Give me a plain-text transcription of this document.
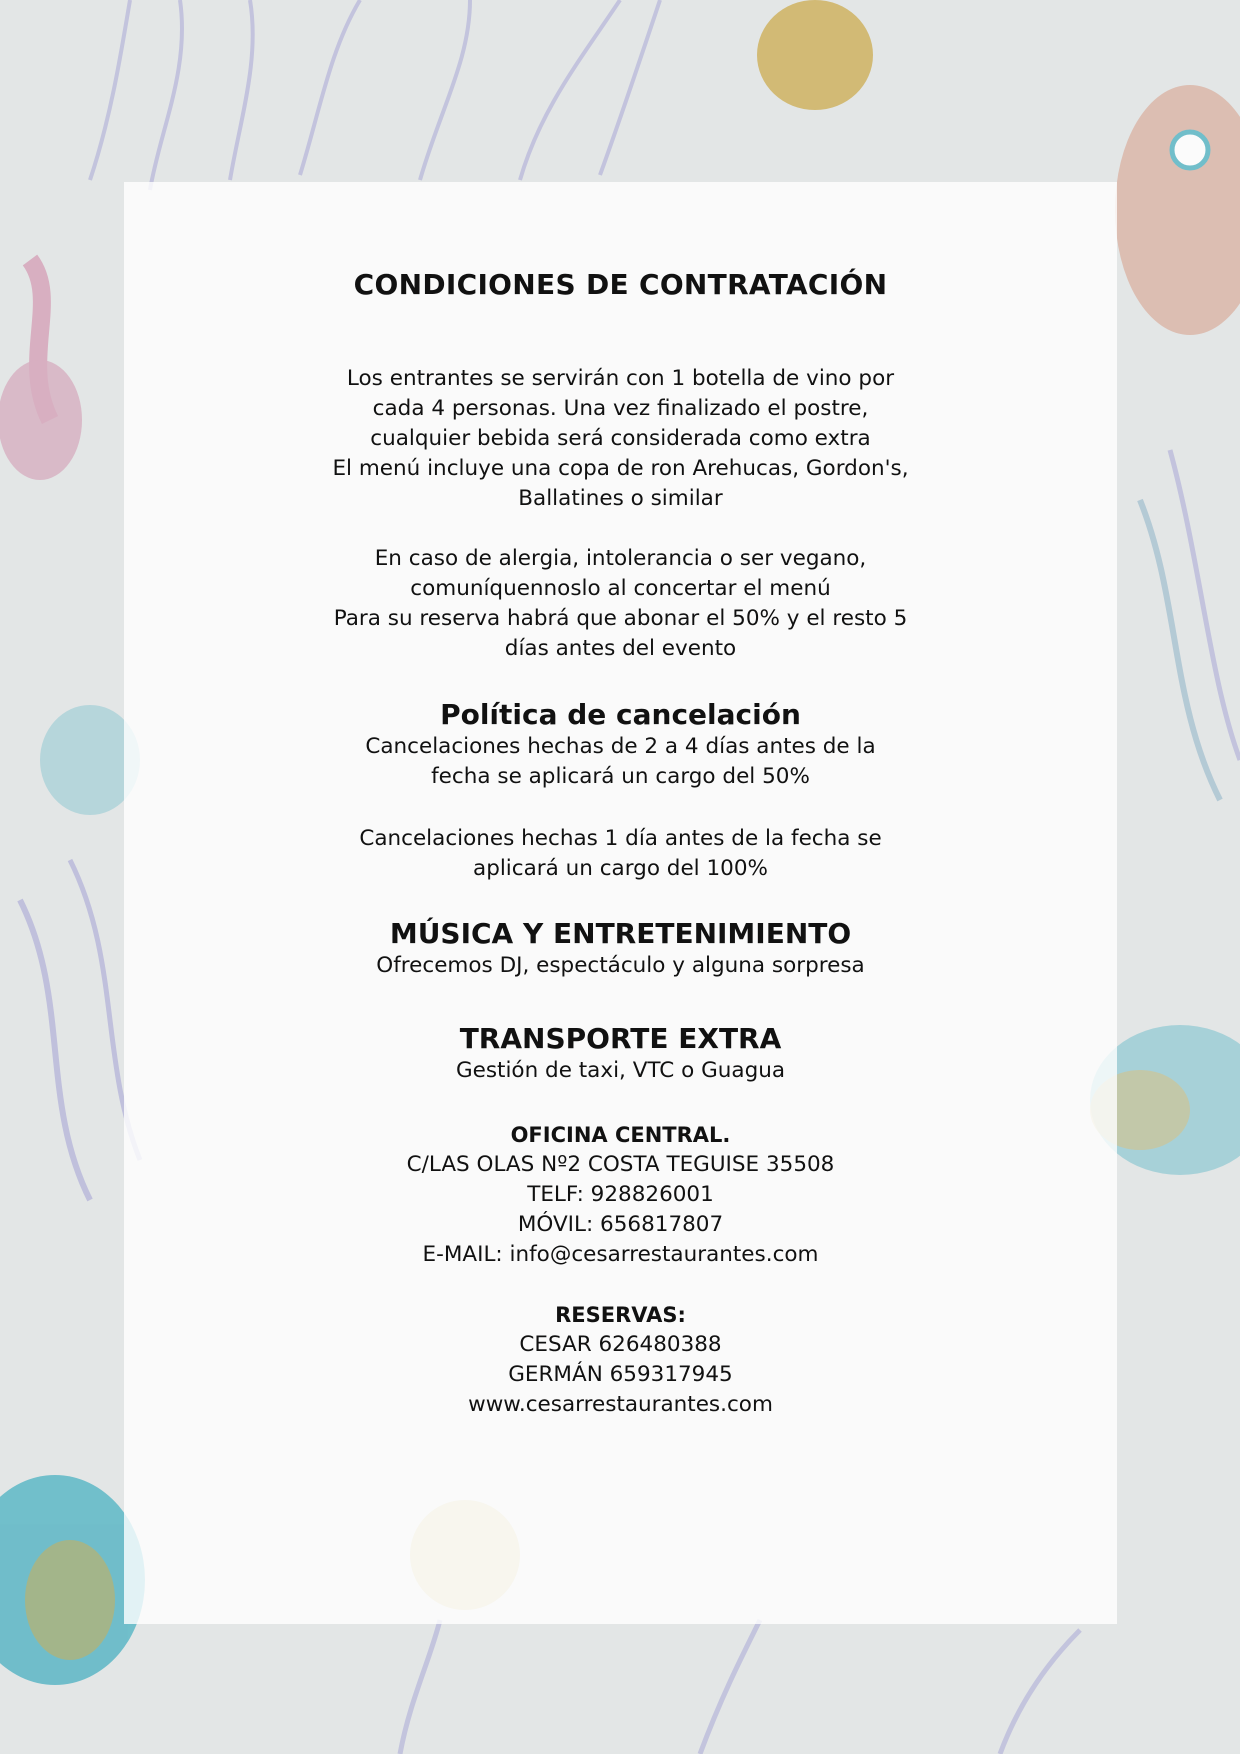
CONDICIONES DE CONTRATACIÓN
Los entrantes se servirán con 1 botella de vino por
cada 4 personas. Una vez finalizado el postre,
cualquier bebida será considerada como extra
El menú incluye una copa de ron Arehucas, Gordon's,
Ballatines o similar
En caso de alergia, intolerancia o ser vegano,
comuníquennoslo al concertar el menú
Para su reserva habrá que abonar el 50% y el resto 5
días antes del evento
Política de cancelación
Cancelaciones hechas de 2 a 4 días antes de la
fecha se aplicará un cargo del 50%
Cancelaciones hechas 1 día antes de la fecha se
aplicará un cargo del 100%
MÚSICA Y ENTRETENIMIENTO
Ofrecemos DJ, espectáculo y alguna sorpresa
TRANSPORTE EXTRA
Gestión de taxi, VTC o Guagua
OFICINA CENTRAL.
C/LAS OLAS Nº2 COSTA TEGUISE 35508
TELF: 928826001
MÓVIL: 656817807
E-MAIL: info@cesarrestaurantes.com
RESERVAS:
CESAR 626480388
GERMÁN 659317945
www.cesarrestaurantes.com
